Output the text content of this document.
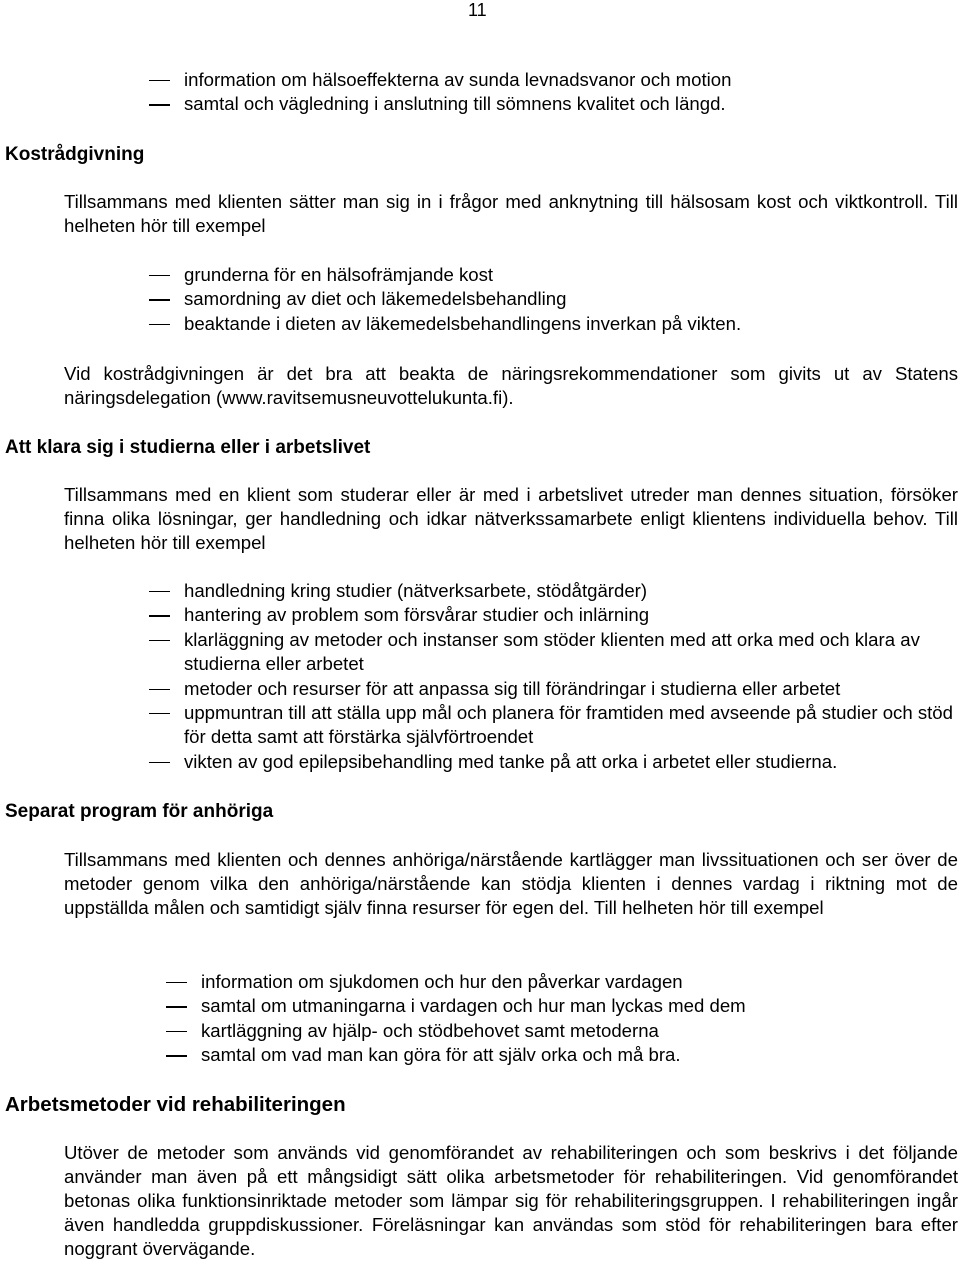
11
information om hälsoeffekterna av sunda levnadsvanor och motion
samtal och vägledning i anslutning till sömnens kvalitet och längd.
Kostrådgivning

Tillsammans med klienten sätter man sig in i frågor med anknytning till hälsosam kost och viktkontroll. Till helheten hör till exempel

grunderna för en hälsofrämjande kost
samordning av diet och läkemedelsbehandling
beaktande i dieten av läkemedelsbehandlingens inverkan på vikten.

Vid kostrådgivningen är det bra att beakta de näringsrekommendationer som givits ut av Statens näringsdelegation (www.ravitsemusneuvottelukunta.fi).

Att klara sig i studierna eller i arbetslivet

Tillsammans med en klient som studerar eller är med i arbetslivet utreder man dennes situation, försöker finna olika lösningar, ger handledning och idkar nätverkssamarbete enligt klientens individuella behov. Till helheten hör till exempel

handledning kring studier (nätverksarbete, stödåtgärder)
hantering av problem som försvårar studier och inlärning
klarläggning av metoder och instanser som stöder klienten med att orka med och klara av studierna eller arbetet
metoder och resurser för att anpassa sig till förändringar i studierna eller arbetet
uppmuntran till att ställa upp mål och planera för framtiden med avseende på studier och stöd för detta samt att förstärka självförtroendet
vikten av god epilepsibehandling med tanke på att orka i arbetet eller studierna.
Separat program för anhöriga

Tillsammans med klienten och dennes anhöriga/närstående kartlägger man livssituationen och ser över de metoder genom vilka den anhöriga/närstående kan stödja klienten i dennes vardag i riktning mot de uppställda målen och samtidigt själv finna resurser för egen del. Till helheten hör till exempel

information om sjukdomen och hur den påverkar vardagen
samtal om utmaningarna i vardagen och hur man lyckas med dem
kartläggning av hjälp- och stödbehovet samt metoderna
samtal om vad man kan göra för att själv orka och må bra.
Arbetsmetoder vid rehabiliteringen

Utöver de metoder som används vid genomförandet av rehabiliteringen och som beskrivs i det följande använder man även på ett mångsidigt sätt olika arbetsmetoder för rehabiliteringen. Vid genomförandet betonas olika funktionsinriktade metoder som lämpar sig för rehabiliteringsgruppen. I rehabiliteringen ingår även handledda gruppdiskussioner. Föreläsningar kan användas som stöd för rehabiliteringen bara efter noggrant övervägande.
